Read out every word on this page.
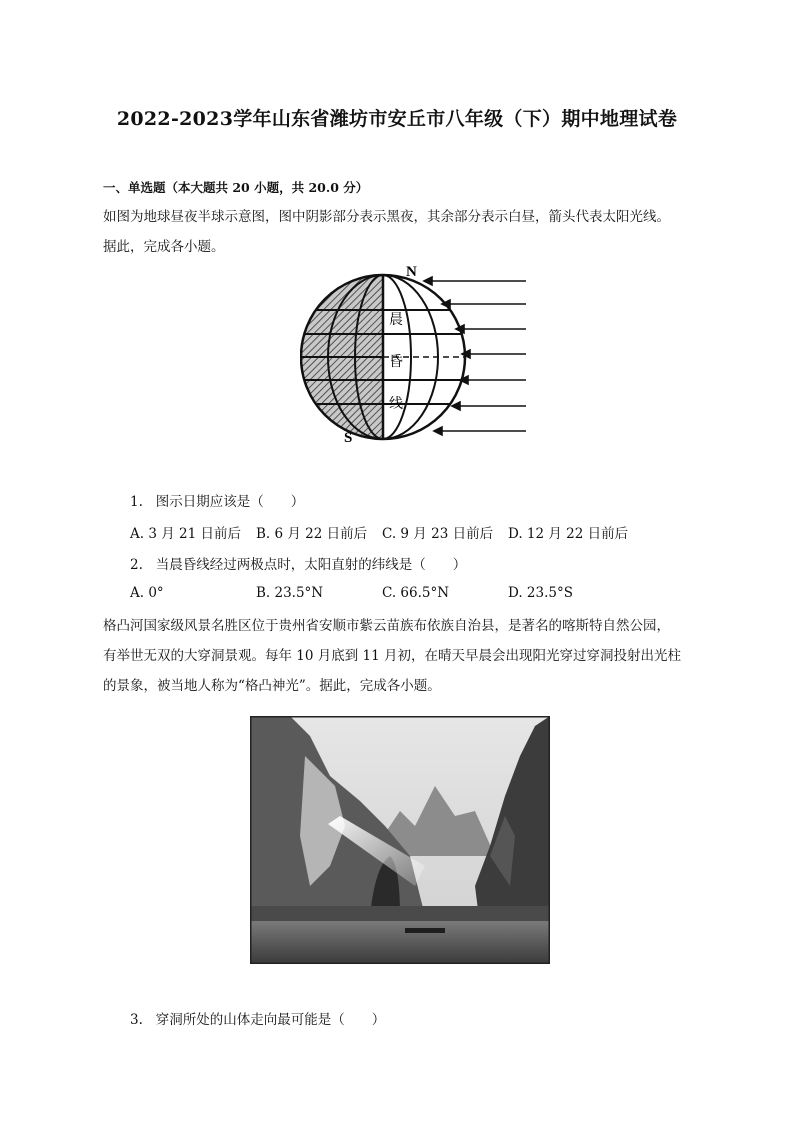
2022-2023学年山东省潍坊市安丘市八年级（下）期中地理试卷
一、单选题（本大题共 20 小题，共 20.0 分）
如图为地球昼夜半球示意图，图中阴影部分表示黑夜，其余部分表示白昼，箭头代表太阳光线。
据此，完成各小题。
N
S
晨
昏
线
1. 图示日期应该是（　　）
A. 3 月 21 日前后 B. 6 月 22 日前后 C. 9 月 23 日前后 D. 12 月 22 日前后
2. 当晨昏线经过两极点时，太阳直射的纬线是（　　）
A. 0°	B. 23.5°N	C. 66.5°N	D. 23.5°S
格凸河国家级风景名胜区位于贵州省安顺市紫云苗族布依族自治县，是著名的喀斯特自然公园，
有举世无双的大穿洞景观。每年 10 月底到 11 月初，在晴天早晨会出现阳光穿过穿洞投射出光柱
的景象，被当地人称为“格凸神光”。据此，完成各小题。
3. 穿洞所处的山体走向最可能是（　　）
